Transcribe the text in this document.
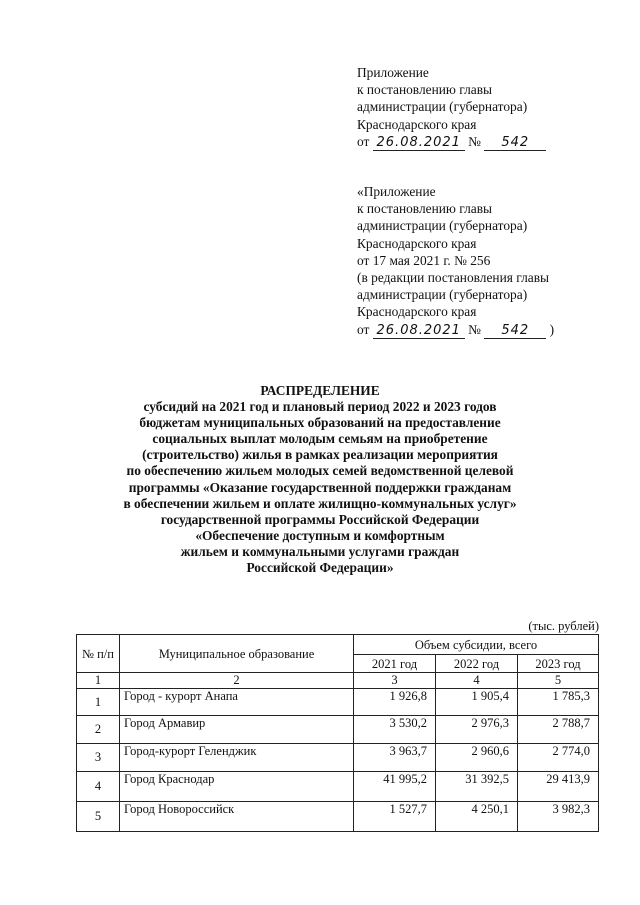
Приложение
к постановлению главы
администрации (губернатора)
Краснодарского края
от 26.08.2021 № 542
«Приложение
к постановлению главы
администрации (губернатора)
Краснодарского края
от 17 мая 2021 г. № 256
(в редакции постановления главы
администрации (губернатора)
Краснодарского края
от 26.08.2021 № 542 )
РАСПРЕДЕЛЕНИЕ
субсидий на 2021 год и плановый период 2022 и 2023 годов
бюджетам муниципальных образований на предоставление
социальных выплат молодым семьям на приобретение
(строительство) жилья в рамках реализации мероприятия
по обеспечению жильем молодых семей ведомственной целевой
программы «Оказание государственной поддержки гражданам
в обеспечении жильем и оплате жилищно-коммунальных услуг»
государственной программы Российской Федерации
«Обеспечение доступным и комфортным
жильем и коммунальными услугами граждан
Российской Федерации»
(тыс. рублей)
№ п/п	Муниципальное образование	Объем субсидии, всего		
		2021 год	2022 год	2023 год
1	2	3	4	5
1	Город - курорт Анапа	1 926,8	1 905,4	1 785,3
2	Город Армавир	3 530,2	2 976,3	2 788,7
3	Город-курорт Геленджик	3 963,7	2 960,6	2 774,0
4	Город Краснодар	41 995,2	31 392,5	29 413,9
5	Город Новороссийск	1 527,7	4 250,1	3 982,3
